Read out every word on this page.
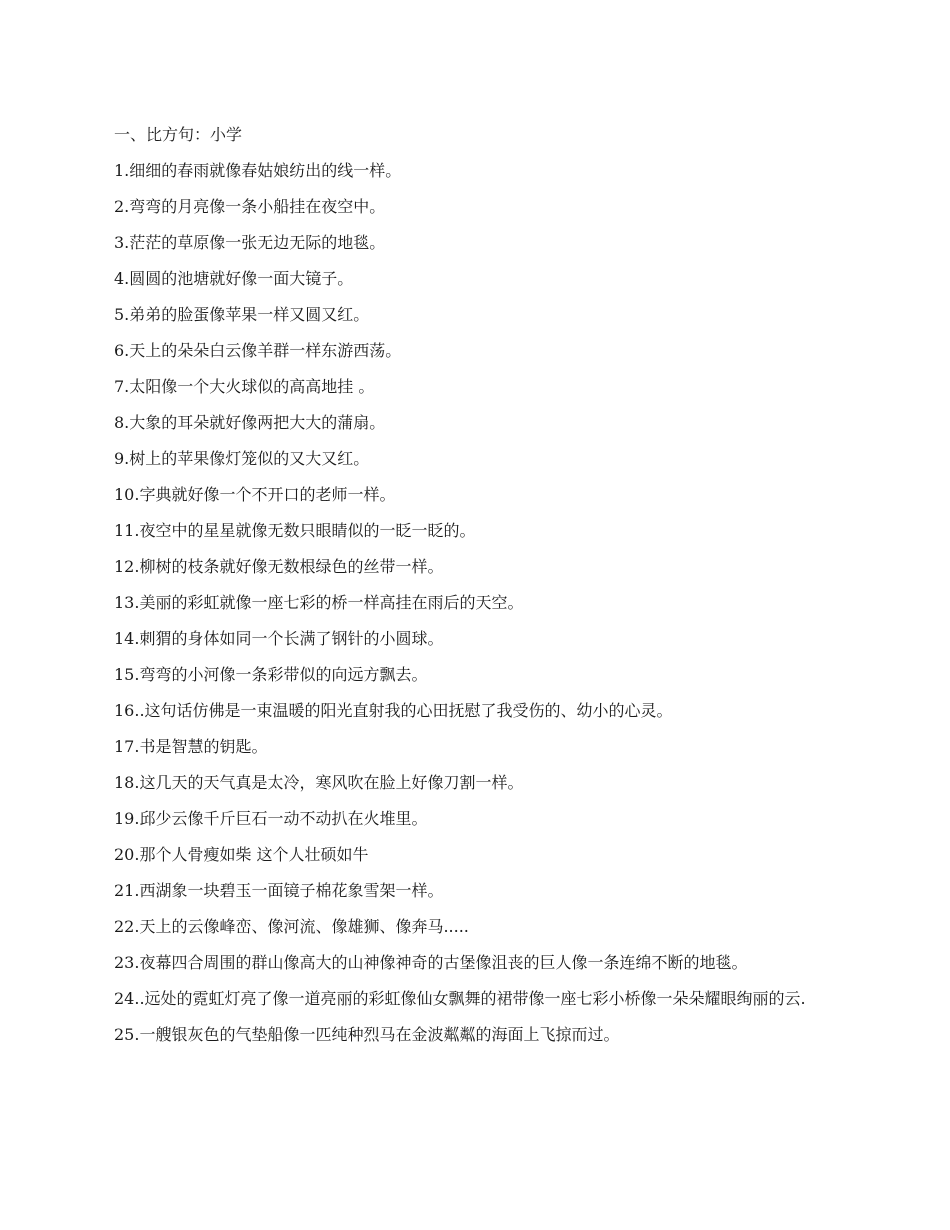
一、比方句：小学
1. 细细的春雨就像春姑娘纺出的线一样。
2. 弯弯的月亮像一条小船挂在夜空中。
3. 茫茫的草原像一张无边无际的地毯。
4. 圆圆的池塘就好像一面大镜子。
5. 弟弟的脸蛋像苹果一样又圆又红。
6. 天上的朵朵白云像羊群一样东游西荡。
7. 太阳像一个大火球似的高高地挂 。
8. 大象的耳朵就好像两把大大的蒲扇。
9. 树上的苹果像灯笼似的又大又红。
10. 字典就好像一个不开口的老师一样。
11. 夜空中的星星就像无数只眼睛似的一眨一眨的。
12. 柳树的枝条就好像无数根绿色的丝带一样。
13. 美丽的彩虹就像一座七彩的桥一样高挂在雨后的天空。
14. 刺猬的身体如同一个长满了钢针的小圆球。
15. 弯弯的小河像一条彩带似的向远方飘去。
16. .这句话仿佛是一束温暖的阳光直射我的心田抚慰了我受伤的、幼小的心灵。
17. 书是智慧的钥匙。
18. 这几天的天气真是太冷，寒风吹在脸上好像刀割一样。
19. 邱少云像千斤巨石一动不动扒在火堆里。
20. 那个人骨瘦如柴 这个人壮硕如牛
21. 西湖象一块碧玉一面镜子棉花象雪架一样。
22. 天上的云像峰峦、像河流、像雄狮、像奔马.....
23. 夜幕四合周围的群山像高大的山神像神奇的古堡像沮丧的巨人像一条连绵不断的地毯。
24. .远处的霓虹灯亮了像一道亮丽的彩虹像仙女飘舞的裙带像一座七彩小桥像一朵朵耀眼绚丽的云.
25. 一艘银灰色的气垫船像一匹纯种烈马在金波粼粼的海面上飞掠而过。
